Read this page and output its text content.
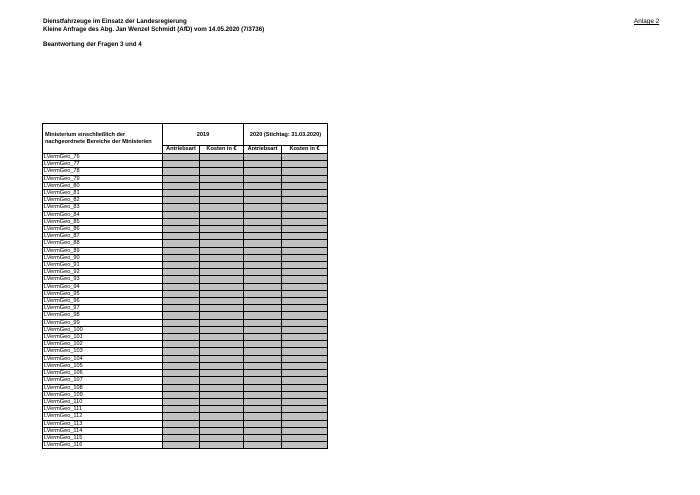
Dienstfahrzeuge im Einsatz der Landesregierung
Kleine Anfrage des Abg. Jan Wenzel Schmidt (AfD) vom 14.05.2020 (7/3736)
Beantwortung der Fragen 3 und 4
Anlage 2
Ministerium einschließlich der nachgeordnete Bereiche der Ministerien	2019		2020 (Stichtag: 31.03.2020)	
	Antriebsart	Kosten in €	Antriebsart	Kosten in €
LVermGeo_76				
LVermGeo_77				
LVermGeo_78				
LVermGeo_79				
LVermGeo_80				
LVermGeo_81				
LVermGeo_82				
LVermGeo_83				
LVermGeo_84				
LVermGeo_85				
LVermGeo_86				
LVermGeo_87				
LVermGeo_88				
LVermGeo_89				
LVermGeo_90				
LVermGeo_91				
LVermGeo_92				
LVermGeo_93				
LVermGeo_94				
LVermGeo_95				
LVermGeo_96				
LVermGeo_97				
LVermGeo_98				
LVermGeo_99				
LVermGeo_100				
LVermGeo_101				
LVermGeo_102				
LVermGeo_103				
LVermGeo_104				
LVermGeo_105				
LVermGeo_106				
LVermGeo_107				
LVermGeo_108				
LVermGeo_109				
LVermGeo_110				
LVermGeo_111				
LVermGeo_112				
LVermGeo_113				
LVermGeo_114				
LVermGeo_115				
LVermGeo_116				
